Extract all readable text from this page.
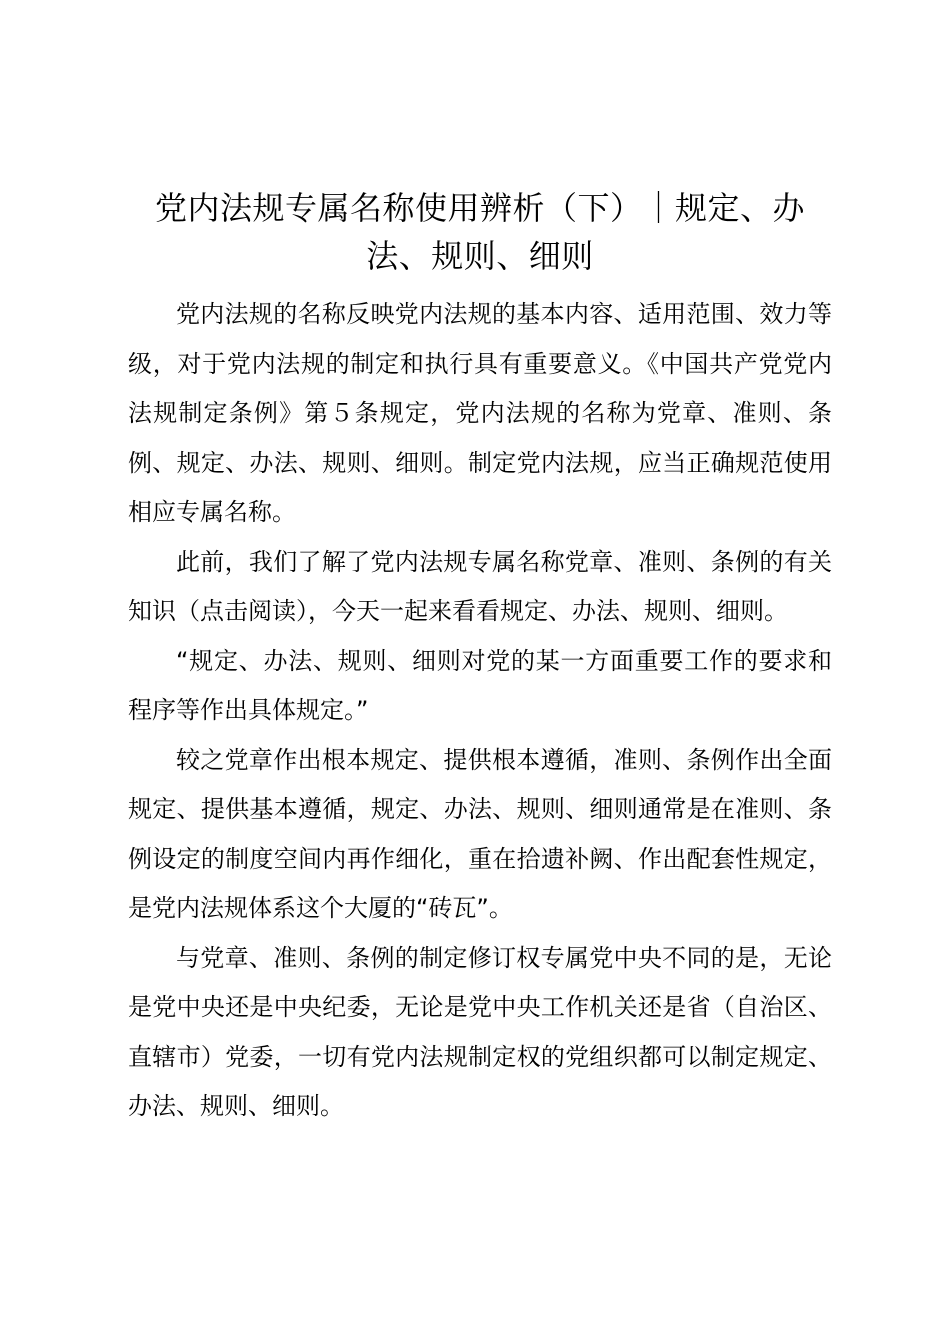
党内法规专属名称使用辨析（下）｜规定、办法、规则、细则

党内法规的名称反映党内法规的基本内容、适用范围、效力等级，对于党内法规的制定和执行具有重要意义。《中国共产党党内法规制定条例》第５条规定，党内法规的名称为党章、准则、条例、规定、办法、规则、细则。制定党内法规，应当正确规范使用相应专属名称。

此前，我们了解了党内法规专属名称党章、准则、条例的有关知识（点击阅读），今天一起来看看规定、办法、规则、细则。

“规定、办法、规则、细则对党的某一方面重要工作的要求和程序等作出具体规定。”

较之党章作出根本规定、提供根本遵循，准则、条例作出全面规定、提供基本遵循，规定、办法、规则、细则通常是在准则、条例设定的制度空间内再作细化，重在拾遗补阙、作出配套性规定，是党内法规体系这个大厦的“砖瓦”。

与党章、准则、条例的制定修订权专属党中央不同的是，无论是党中央还是中央纪委，无论是党中央工作机关还是省（自治区、直辖市）党委，一切有党内法规制定权的党组织都可以制定规定、办法、规则、细则。
